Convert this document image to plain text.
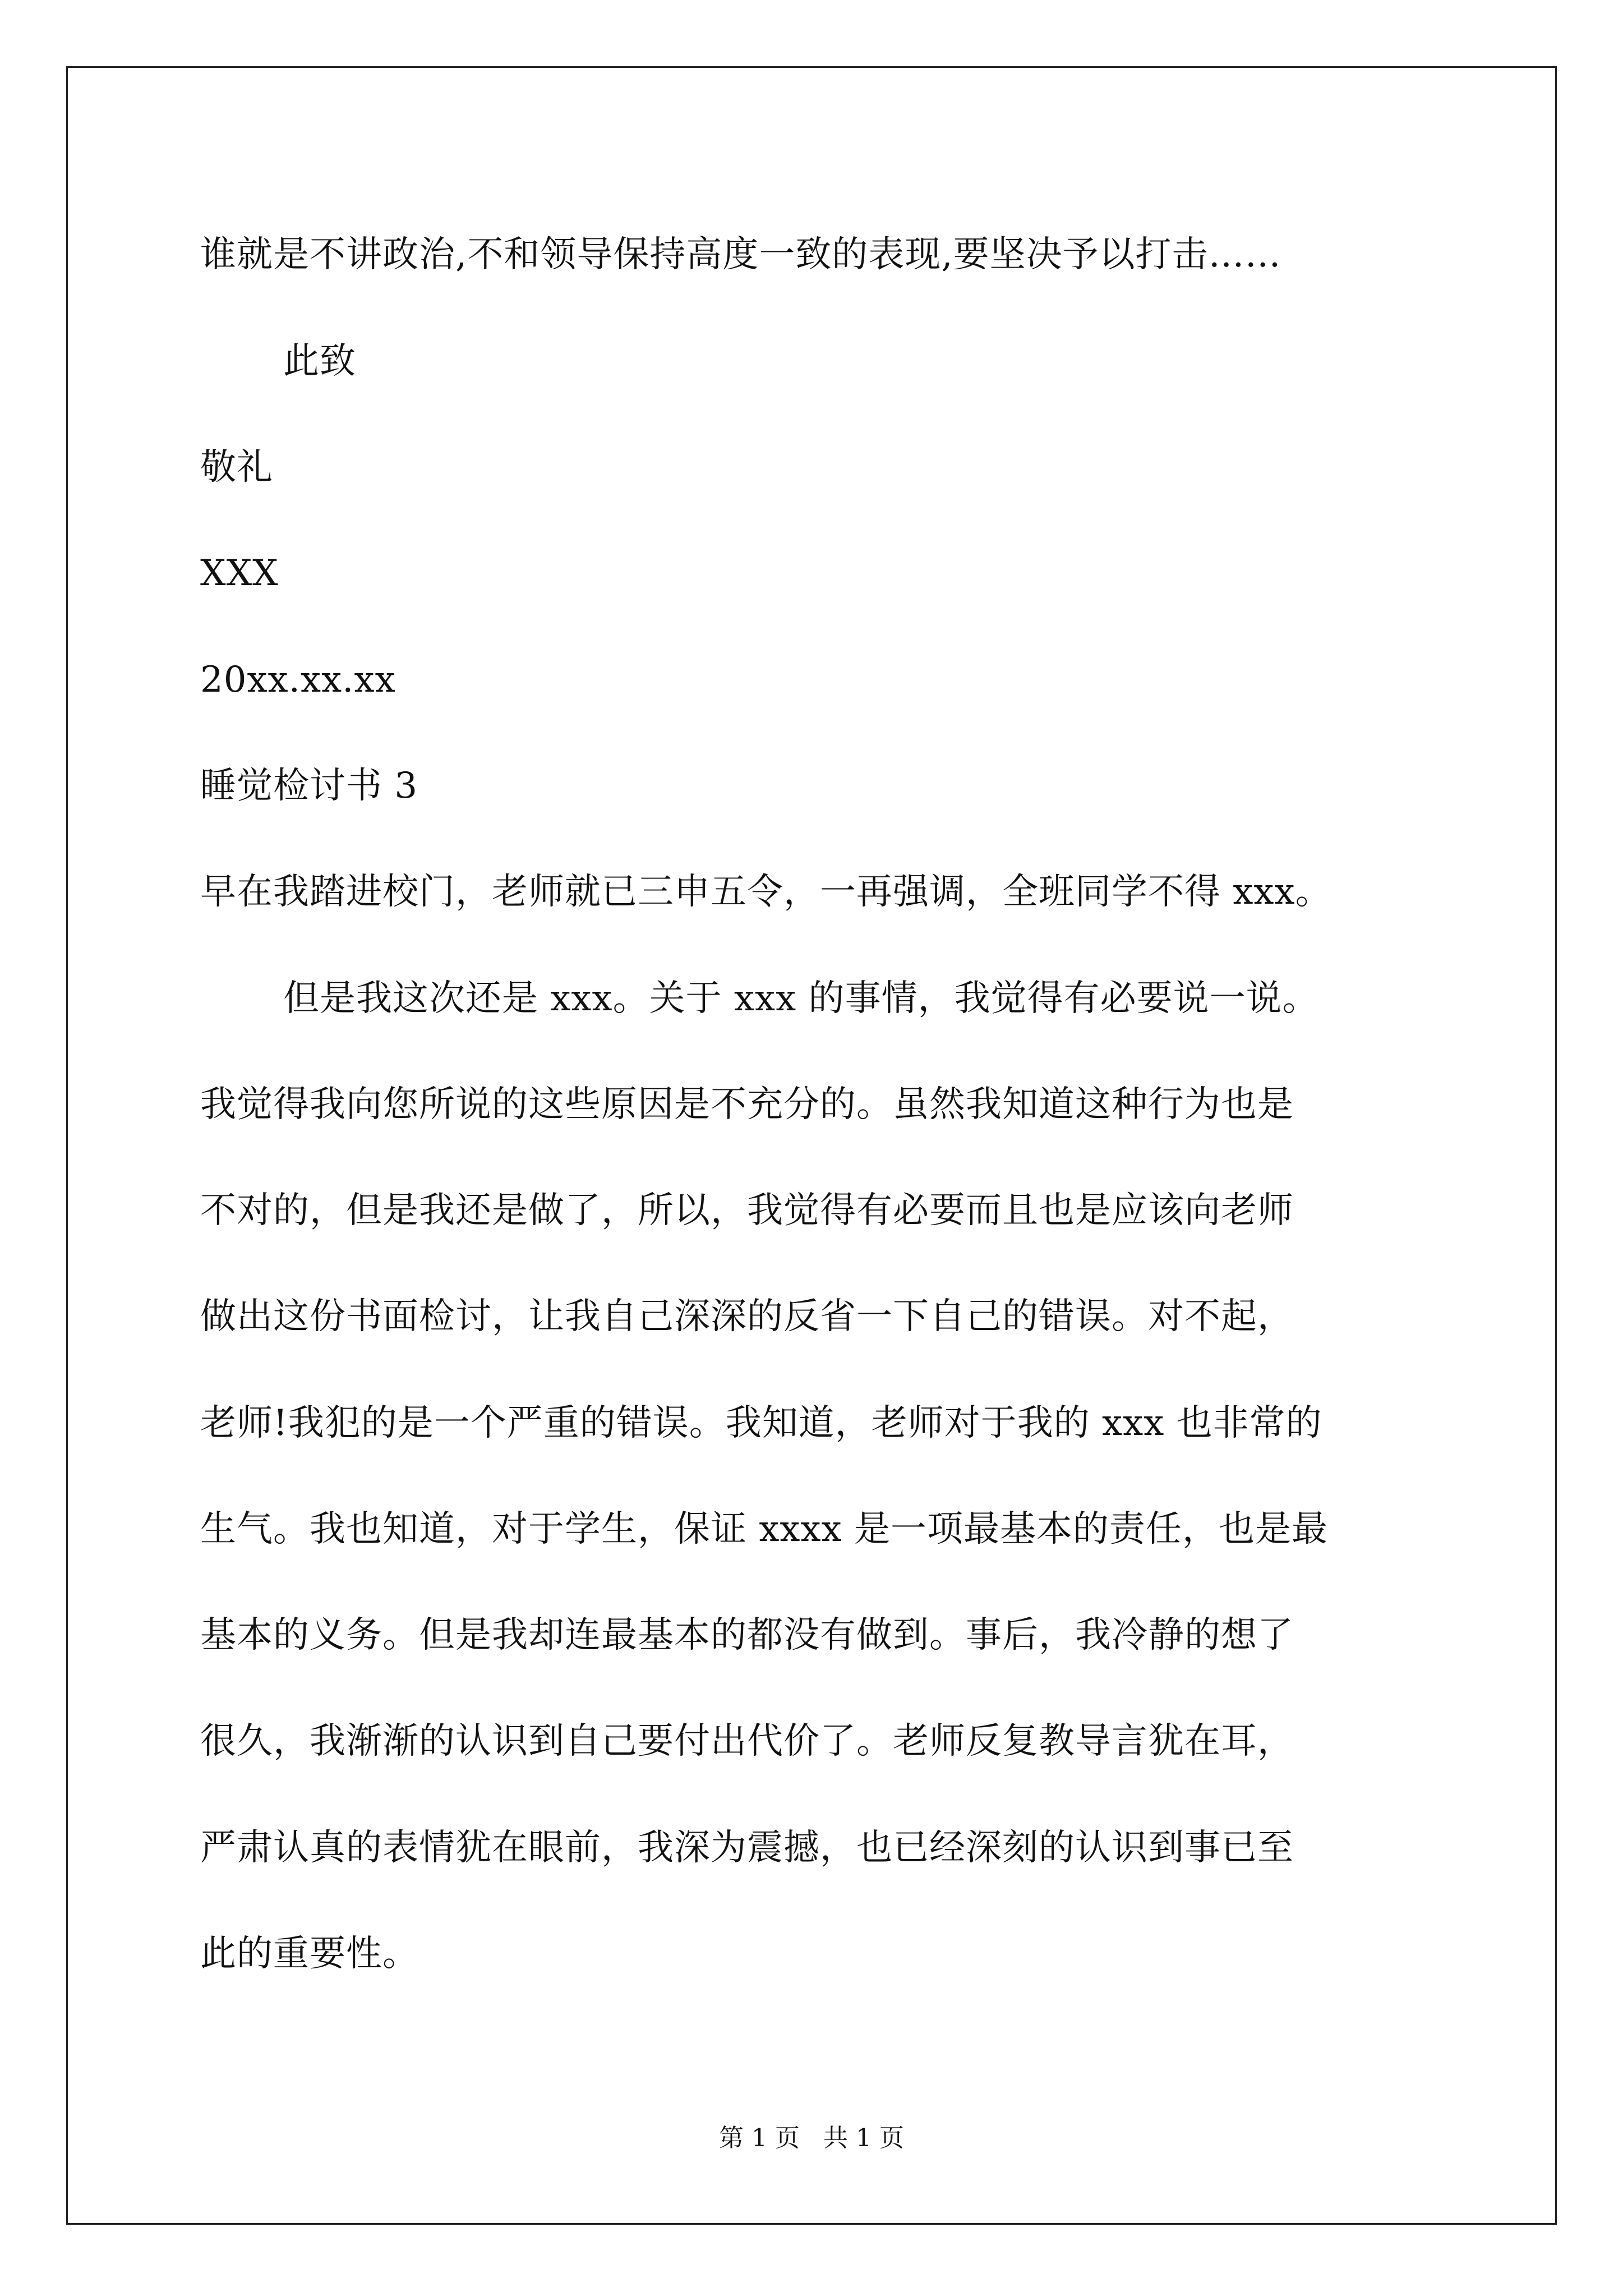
谁就是不讲政治,不和领导保持高度一致的表现,要坚决予以打击……
此致
敬礼
XXX
20xx.xx.xx
睡觉检讨书 3
早在我踏进校门，老师就已三申五令，一再强调，全班同学不得 xxx。
但是我这次还是 xxx。关于 xxx 的事情，我觉得有必要说一说。
我觉得我向您所说的这些原因是不充分的。虽然我知道这种行为也是
不对的，但是我还是做了，所以，我觉得有必要而且也是应该向老师
做出这份书面检讨，让我自己深深的反省一下自己的错误。对不起，
老师!我犯的是一个严重的错误。我知道，老师对于我的 xxx 也非常的
生气。我也知道，对于学生，保证 xxxx 是一项最基本的责任，也是最
基本的义务。但是我却连最基本的都没有做到。事后，我冷静的想了
很久，我渐渐的认识到自己要付出代价了。老师反复教导言犹在耳，
严肃认真的表情犹在眼前，我深为震撼，也已经深刻的认识到事已至
此的重要性。
第 1 页   共 1 页
